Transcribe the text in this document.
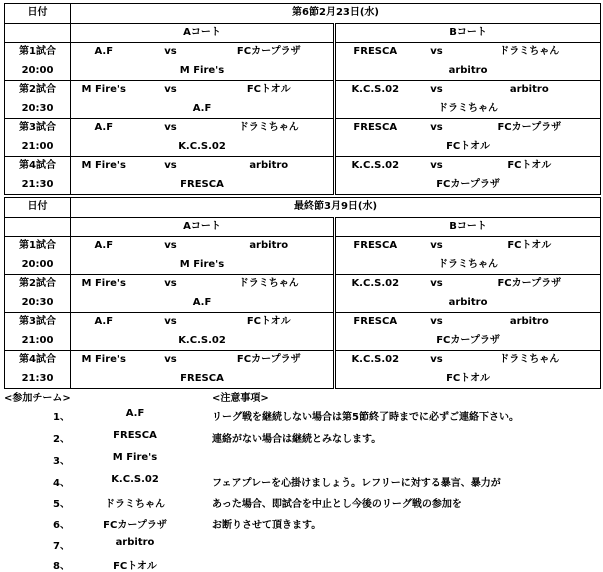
日付	第6節2月23日(水)					
	Aコート			Bコート		
第1試合	A.F	vs	FCカープラザ	FRESCA	vs	ドラミちゃん
20:00	M Fire's			arbitro		
第2試合	M Fire's	vs	FCトオル	K.C.S.02	vs	arbitro
20:30	A.F			ドラミちゃん		
第3試合	A.F	vs	ドラミちゃん	FRESCA	vs	FCカープラザ
21:00	K.C.S.02			FCトオル		
第4試合	M Fire's	vs	arbitro	K.C.S.02	vs	FCトオル
21:30	FRESCA			FCカープラザ		
日付	最終節3月9日(水)					
	Aコート			Bコート		
第1試合	A.F	vs	arbitro	FRESCA	vs	FCトオル
20:00	M Fire's			ドラミちゃん		
第2試合	M Fire's	vs	ドラミちゃん	K.C.S.02	vs	FCカープラザ
20:30	A.F			arbitro		
第3試合	A.F	vs	FCトオル	FRESCA	vs	arbitro
21:00	K.C.S.02			FCカープラザ		
第4試合	M Fire's	vs	FCカープラザ	K.C.S.02	vs	ドラミちゃん
21:30	FRESCA			FCトオル		
<参加チーム>	<注意事項>
1、	A.F
2、	FRESCA
3、	M Fire's
4、	K.C.S.02
5、	ドラミちゃん
6、	FCカープラザ
7、	arbitro
8、	FCトオル
リーグ戦を継続しない場合は第5節終了時までに必ずご連絡下さい。
連絡がない場合は継続とみなします。
フェアプレーを心掛けましょう。レフリーに対する暴言、暴力が
あった場合、即試合を中止とし今後のリーグ戦の参加を
お断りさせて頂きます。
